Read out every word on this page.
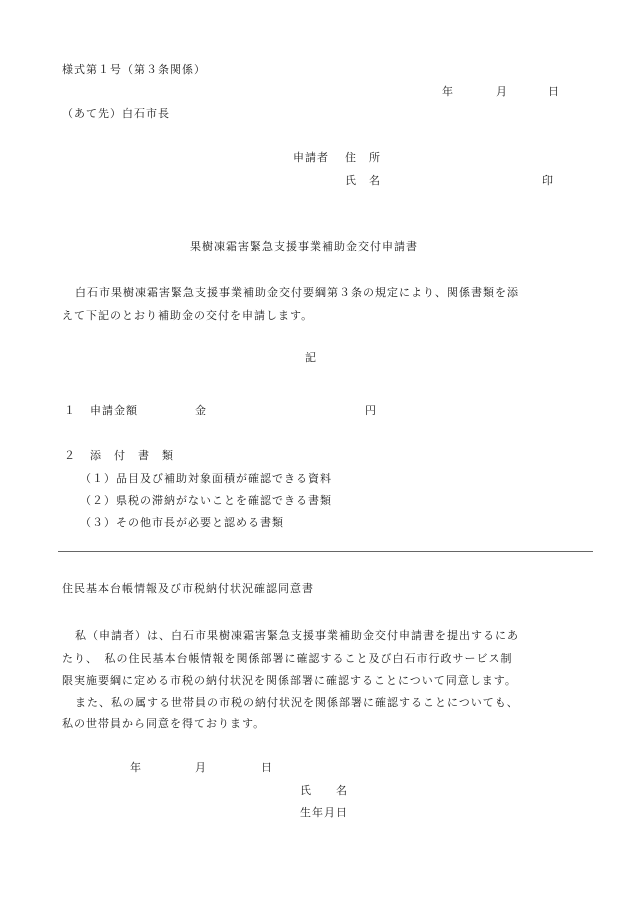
様式第１号（第３条関係）
年	月	日
（あて先）白石市長
申請者 住　所
氏　名	印
果樹凍霜害緊急支援事業補助金交付申請書
白石市果樹凍霜害緊急支援事業補助金交付要綱第３条の規定により、関係書類を添
えて下記のとおり補助金の交付を申請します。
記
１ 申請金額	金	円
２ 添　付　書　類
（１）品目及び補助対象面積が確認できる資料
（２）県税の滞納がないことを確認できる書類
（３）その他市長が必要と認める書類
住民基本台帳情報及び市税納付状況確認同意書
私（申請者）は、白石市果樹凍霜害緊急支援事業補助金交付申請書を提出するにあ
たり、　私の住民基本台帳情報を関係部署に確認すること及び白石市行政サービス制
限実施要綱に定める市税の納付状況を関係部署に確認することについて同意します。
また、私の属する世帯員の市税の納付状況を関係部署に確認することについても、
私の世帯員から同意を得ております。
年	月	日
氏　　名
生年月日
